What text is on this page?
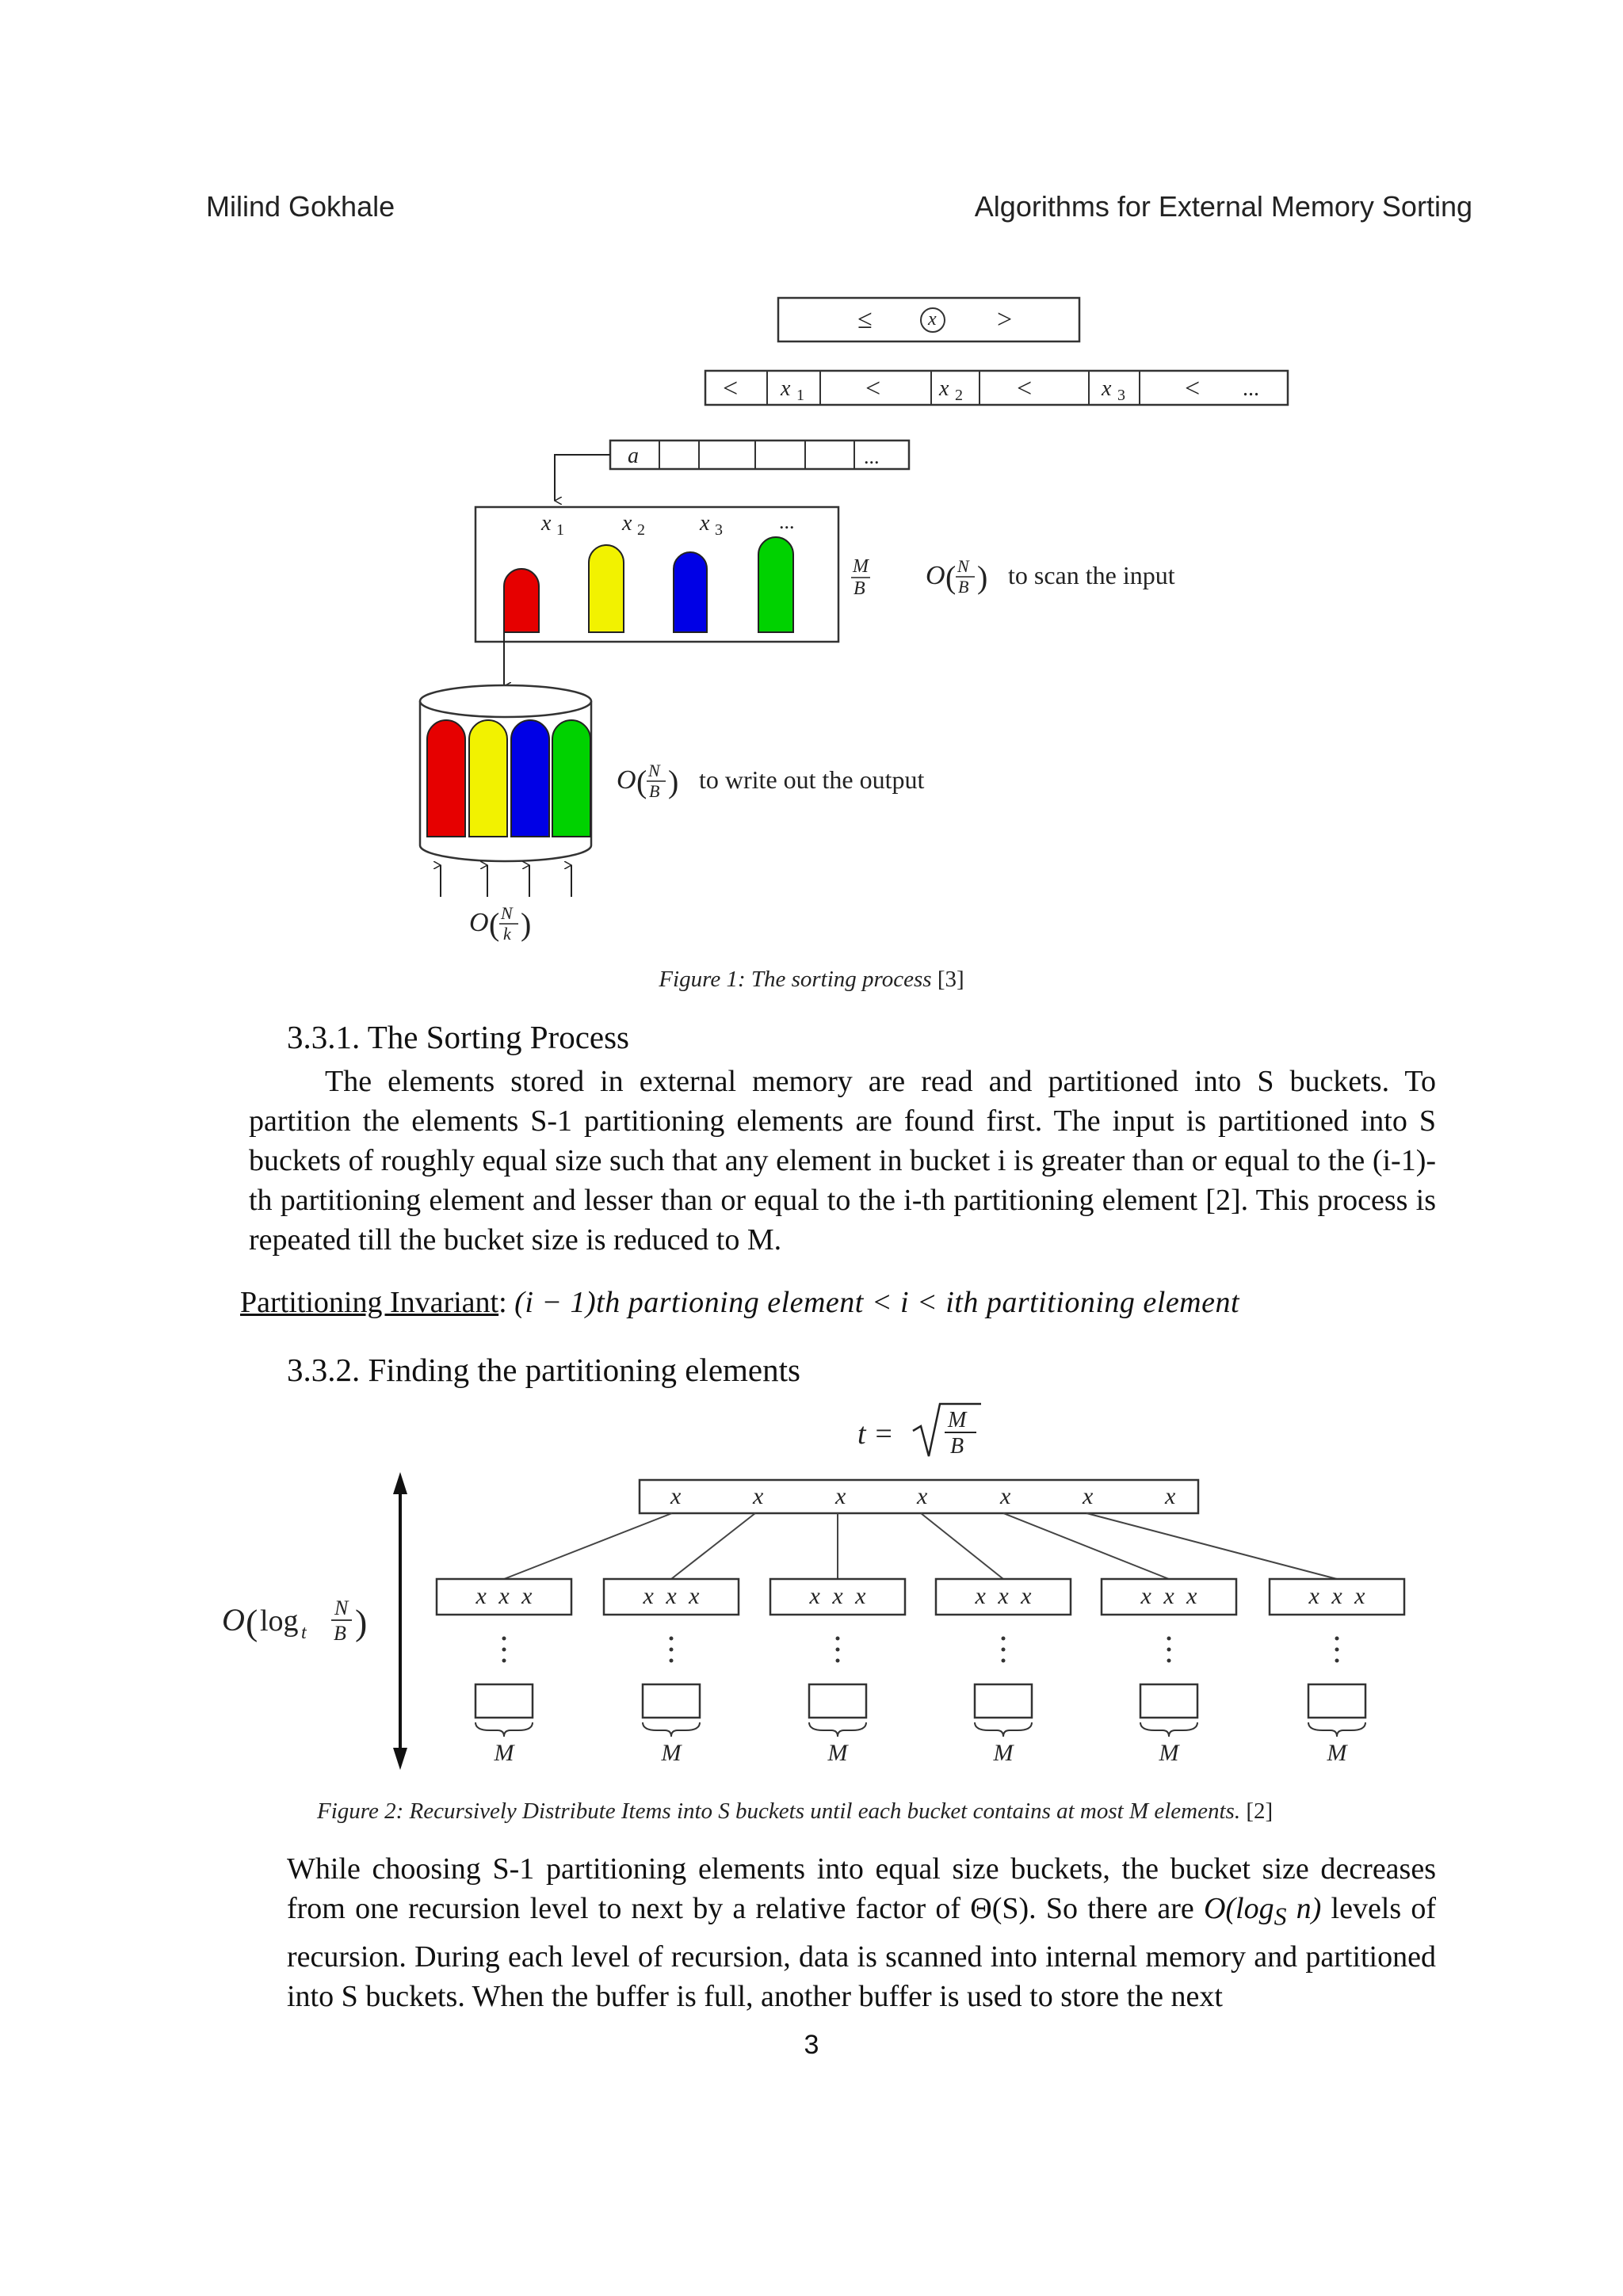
Milind Gokhale	Algorithms for External Memory Sorting
≤	x >
< x 1 <	x 2 <	x 3 < ...
a	...
x 1	x 2 x 3	...
M
B O ( N
B ) to scan the input
O ( N
B ) to write out the output
O ( N
k )
Figure 1: The sorting process [3]
3.3.1. The Sorting Process

The elements stored in external memory are read and partitioned into S buckets. To partition the elements S-1 partitioning elements are found first. The input is partitioned into S buckets of roughly equal size such that any element in bucket i is greater than or equal to the (i-1)-th partitioning element and lesser than or equal to the i-th partitioning element [2]. This process is repeated till the bucket size is reduced to M.

Partitioning Invariant: (i − 1)th partioning element < i < ith partitioning element
3.3.2. Finding the partitioning elements
t = M
B
x	x	x	x	x	x	x
x x x	x x x	x x x	x x x	x x x	x x x
M	M	M	M	M	M
O ( log t
N
B )
Figure 2: Recursively Distribute Items into S buckets until each bucket contains at most M elements. [2]

While choosing S-1 partitioning elements into equal size buckets, the bucket size decreases from one recursion level to next by a relative factor of Θ(S). So there are $O(\log_S$ n) levels of recursion. During each level of recursion, data is scanned into internal memory and partitioned into S buckets. When the buffer is full, another buffer is used to store the next

3
